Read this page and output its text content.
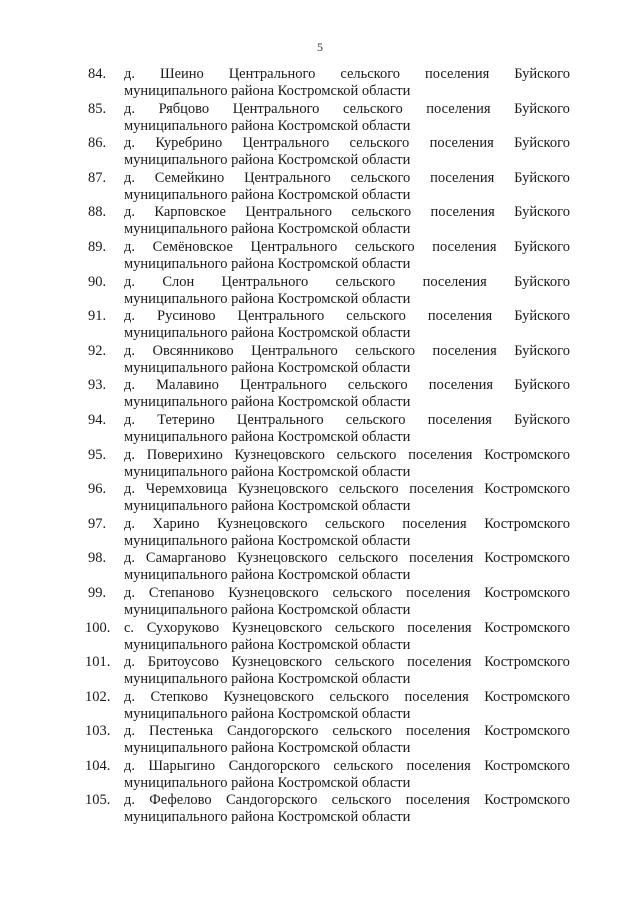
5
84. д. Шеино Центрального сельского поселения Буйского
муниципального района Костромской области
85. д. Рябцово Центрального сельского поселения Буйского
муниципального района Костромской области
86. д. Куребрино Центрального сельского поселения Буйского
муниципального района Костромской области
87. д. Семейкино Центрального сельского поселения Буйского
муниципального района Костромской области
88. д. Карповское Центрального сельского поселения Буйского
муниципального района Костромской области
89. д. Семёновское Центрального сельского поселения Буйского
муниципального района Костромской области
90. д. Слон Центрального сельского поселения Буйского
муниципального района Костромской области
91. д. Русиново Центрального сельского поселения Буйского
муниципального района Костромской области
92. д. Овсянниково Центрального сельского поселения Буйского
муниципального района Костромской области
93. д. Малавино Центрального сельского поселения Буйского
муниципального района Костромской области
94. д. Тетерино Центрального сельского поселения Буйского
муниципального района Костромской области
95. д. Поверихино Кузнецовского сельского поселения Костромского
муниципального района Костромской области
96. д. Черемховица Кузнецовского сельского поселения Костромского
муниципального района Костромской области
97. д. Харино Кузнецовского сельского поселения Костромского
муниципального района Костромской области
98. д. Самарганово Кузнецовского сельского поселения Костромского
муниципального района Костромской области
99. д. Степаново Кузнецовского сельского поселения Костромского
муниципального района Костромской области
100. с. Сухоруково Кузнецовского сельского поселения Костромского
муниципального района Костромской области
101. д. Бритоусово Кузнецовского сельского поселения Костромского
муниципального района Костромской области
102. д. Степково Кузнецовского сельского поселения Костромского
муниципального района Костромской области
103. д. Пестенька Сандогорского сельского поселения Костромского
муниципального района Костромской области
104. д. Шарыгино Сандогорского сельского поселения Костромского
муниципального района Костромской области
105. д. Фефелово Сандогорского сельского поселения Костромского
муниципального района Костромской области
